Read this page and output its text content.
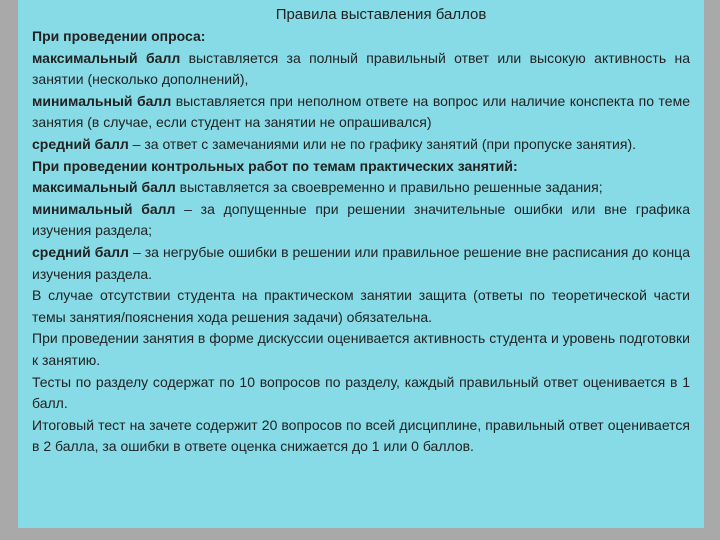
Правила выставления баллов
При проведении опроса:
максимальный балл выставляется за полный правильный ответ или высокую активность на занятии (несколько дополнений),
минимальный балл выставляется при неполном ответе на вопрос или наличие конспекта по теме занятия (в случае, если студент на занятии не опрашивался)
средний балл – за ответ с замечаниями или не по графику занятий (при пропуске занятия).
При проведении контрольных работ по темам практических занятий:
максимальный балл выставляется за своевременно и правильно решенные задания;
минимальный балл – за допущенные при решении значительные ошибки или вне графика изучения раздела;
средний балл – за негрубые ошибки в решении или правильное решение вне расписания до конца изучения раздела.
В случае отсутствии студента на практическом занятии защита (ответы по теоретической части темы занятия/пояснения хода решения задачи) обязательна.
При проведении занятия в форме дискуссии оценивается активность студента и уровень подготовки к занятию.
Тесты по разделу содержат по 10 вопросов по разделу, каждый правильный ответ оценивается в 1 балл.
Итоговый тест на зачете содержит 20 вопросов по всей дисциплине, правильный ответ оценивается в 2 балла, за ошибки в ответе оценка снижается до 1 или 0 баллов.
